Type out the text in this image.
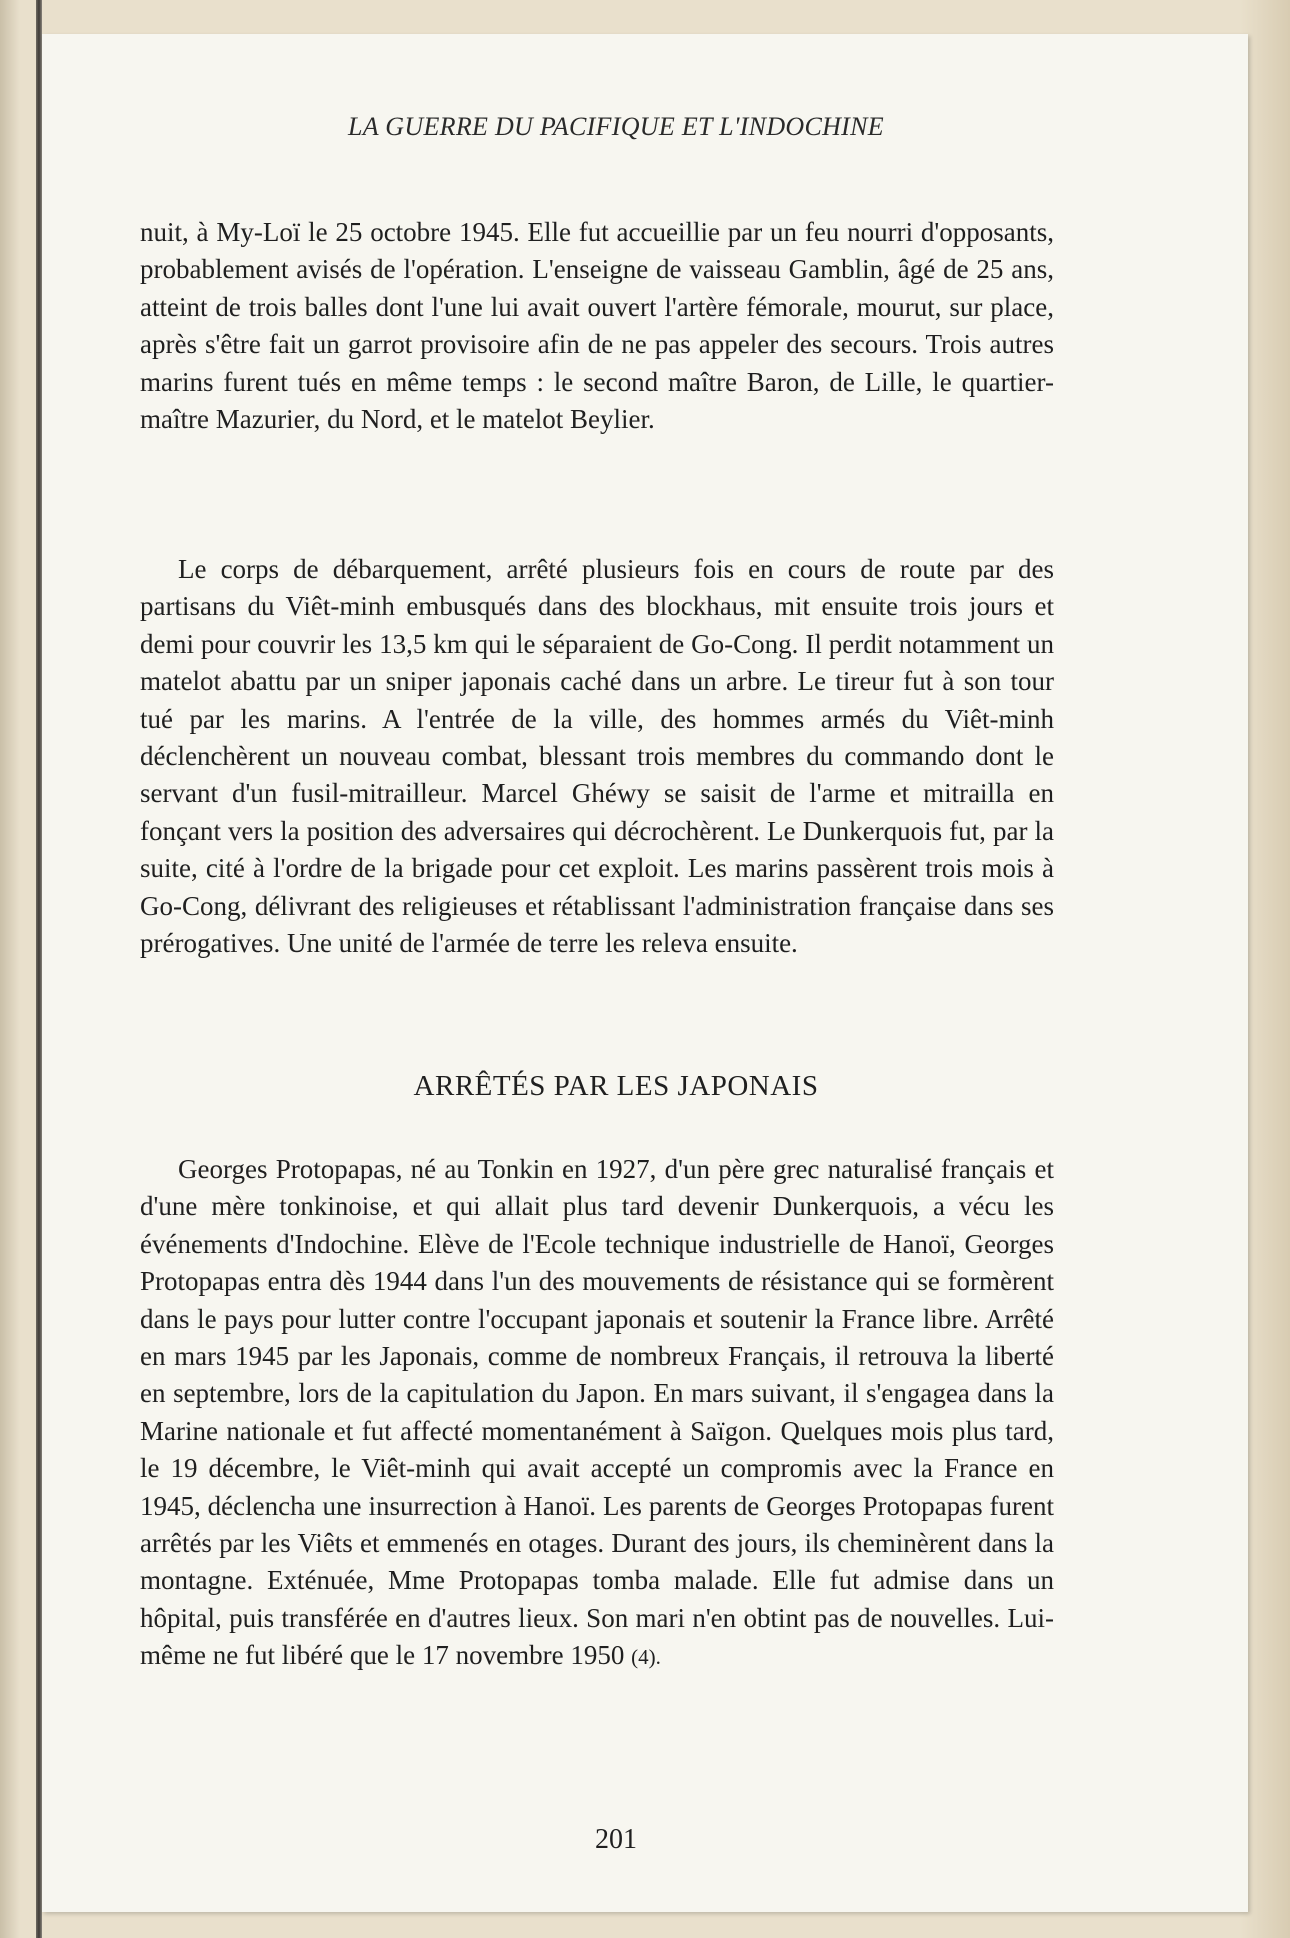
LA GUERRE DU PACIFIQUE ET L'INDOCHINE

nuit, à My-Loï le 25 octobre 1945. Elle fut accueillie par un feu nourri d'opposants, probablement avisés de l'opération. L'enseigne de vaisseau Gamblin, âgé de 25 ans, atteint de trois balles dont l'une lui avait ouvert l'artère fémorale, mourut, sur place, après s'être fait un garrot provisoire afin de ne pas appeler des secours. Trois autres marins furent tués en même temps : le second maître Baron, de Lille, le quartier-maître Mazurier, du Nord, et le matelot Beylier.

Le corps de débarquement, arrêté plusieurs fois en cours de route par des partisans du Viêt-minh embusqués dans des blockhaus, mit ensuite trois jours et demi pour couvrir les 13,5 km qui le séparaient de Go-Cong. Il perdit notamment un matelot abattu par un sniper japonais caché dans un arbre. Le tireur fut à son tour tué par les marins. A l'entrée de la ville, des hommes armés du Viêt-minh déclenchèrent un nouveau combat, blessant trois membres du commando dont le servant d'un fusil-mitrailleur. Marcel Ghéwy se saisit de l'arme et mitrailla en fonçant vers la position des adversaires qui décrochèrent. Le Dunkerquois fut, par la suite, cité à l'ordre de la brigade pour cet exploit. Les marins passèrent trois mois à Go-Cong, délivrant des religieuses et rétablissant l'administration française dans ses prérogatives. Une unité de l'armée de terre les releva ensuite.

ARRÊTÉS PAR LES JAPONAIS

Georges Protopapas, né au Tonkin en 1927, d'un père grec naturalisé français et d'une mère tonkinoise, et qui allait plus tard devenir Dunkerquois, a vécu les événements d'Indochine. Elève de l'Ecole technique industrielle de Hanoï, Georges Protopapas entra dès 1944 dans l'un des mouvements de résistance qui se formèrent dans le pays pour lutter contre l'occupant japonais et soutenir la France libre. Arrêté en mars 1945 par les Japonais, comme de nombreux Français, il retrouva la liberté en septembre, lors de la capitulation du Japon. En mars suivant, il s'engagea dans la Marine nationale et fut affecté momentanément à Saïgon. Quelques mois plus tard, le 19 décembre, le Viêt-minh qui avait accepté un compromis avec la France en 1945, déclencha une insurrection à Hanoï. Les parents de Georges Protopapas furent arrêtés par les Viêts et emmenés en otages. Durant des jours, ils cheminèrent dans la montagne. Exténuée, Mme Protopapas tomba malade. Elle fut admise dans un hôpital, puis transférée en d'autres lieux. Son mari n'en obtint pas de nouvelles. Lui-même ne fut libéré que le 17 novembre 1950 (4).

201
